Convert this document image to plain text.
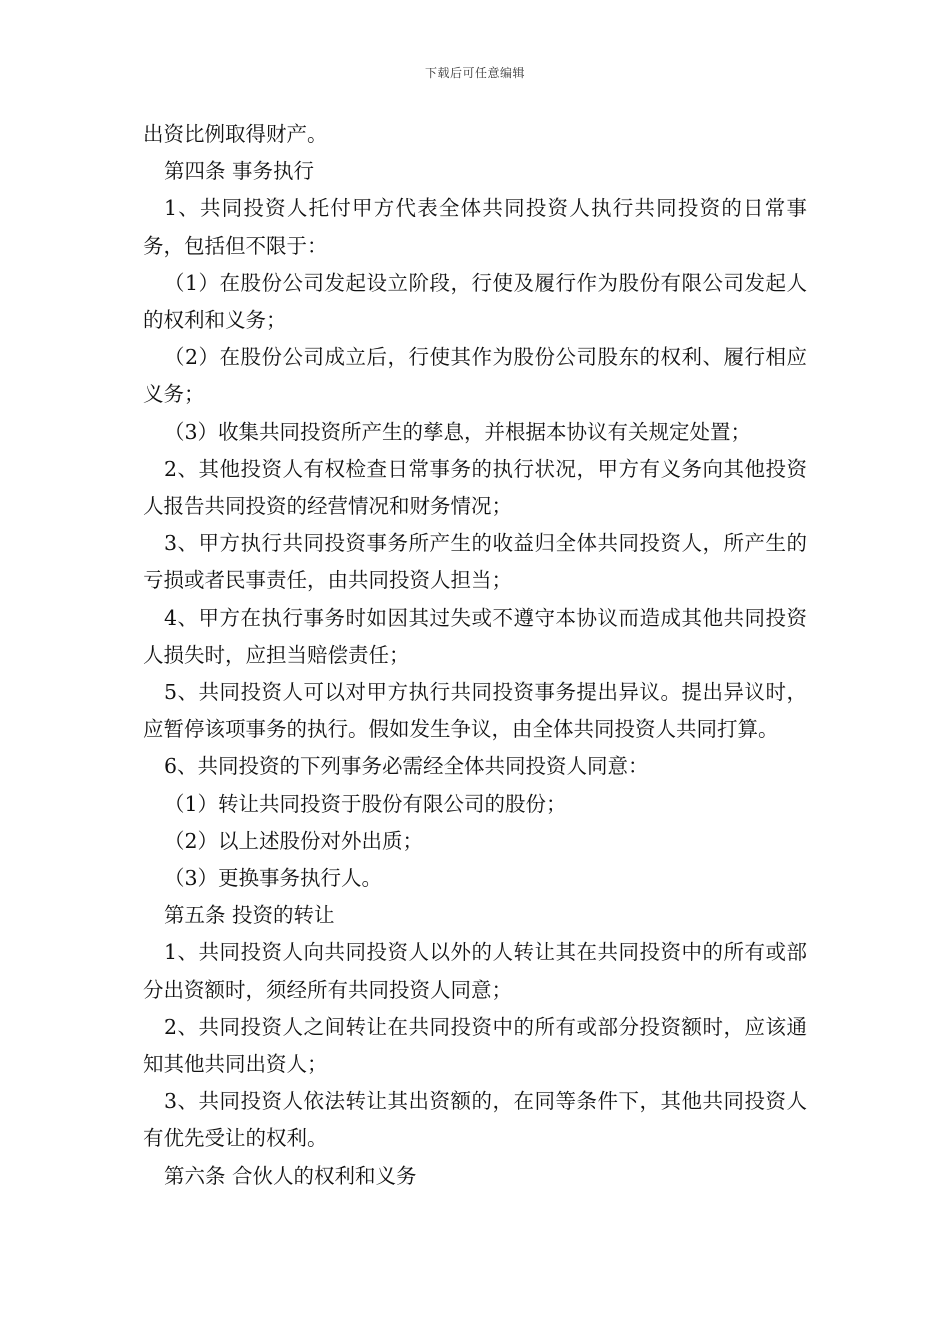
下载后可任意编辑

出资比例取得财产。

第四条 事务执行

1、共同投资人托付甲方代表全体共同投资人执行共同投资的日常事务，包括但不限于：

（1）在股份公司发起设立阶段，行使及履行作为股份有限公司发起人的权利和义务；

（2）在股份公司成立后，行使其作为股份公司股东的权利、履行相应义务；

（3）收集共同投资所产生的孳息，并根据本协议有关规定处置；

2、其他投资人有权检查日常事务的执行状况，甲方有义务向其他投资人报告共同投资的经营情况和财务情况；

3、甲方执行共同投资事务所产生的收益归全体共同投资人，所产生的亏损或者民事责任，由共同投资人担当；

4、甲方在执行事务时如因其过失或不遵守本协议而造成其他共同投资人损失时，应担当赔偿责任；

5、共同投资人可以对甲方执行共同投资事务提出异议。提出异议时，应暂停该项事务的执行。假如发生争议，由全体共同投资人共同打算。

6、共同投资的下列事务必需经全体共同投资人同意：

（1）转让共同投资于股份有限公司的股份；

（2）以上述股份对外出质；

（3）更换事务执行人。

第五条 投资的转让

1、共同投资人向共同投资人以外的人转让其在共同投资中的所有或部分出资额时，须经所有共同投资人同意；

2、共同投资人之间转让在共同投资中的所有或部分投资额时，应该通知其他共同出资人；

3、共同投资人依法转让其出资额的，在同等条件下，其他共同投资人有优先受让的权利。

第六条 合伙人的权利和义务
